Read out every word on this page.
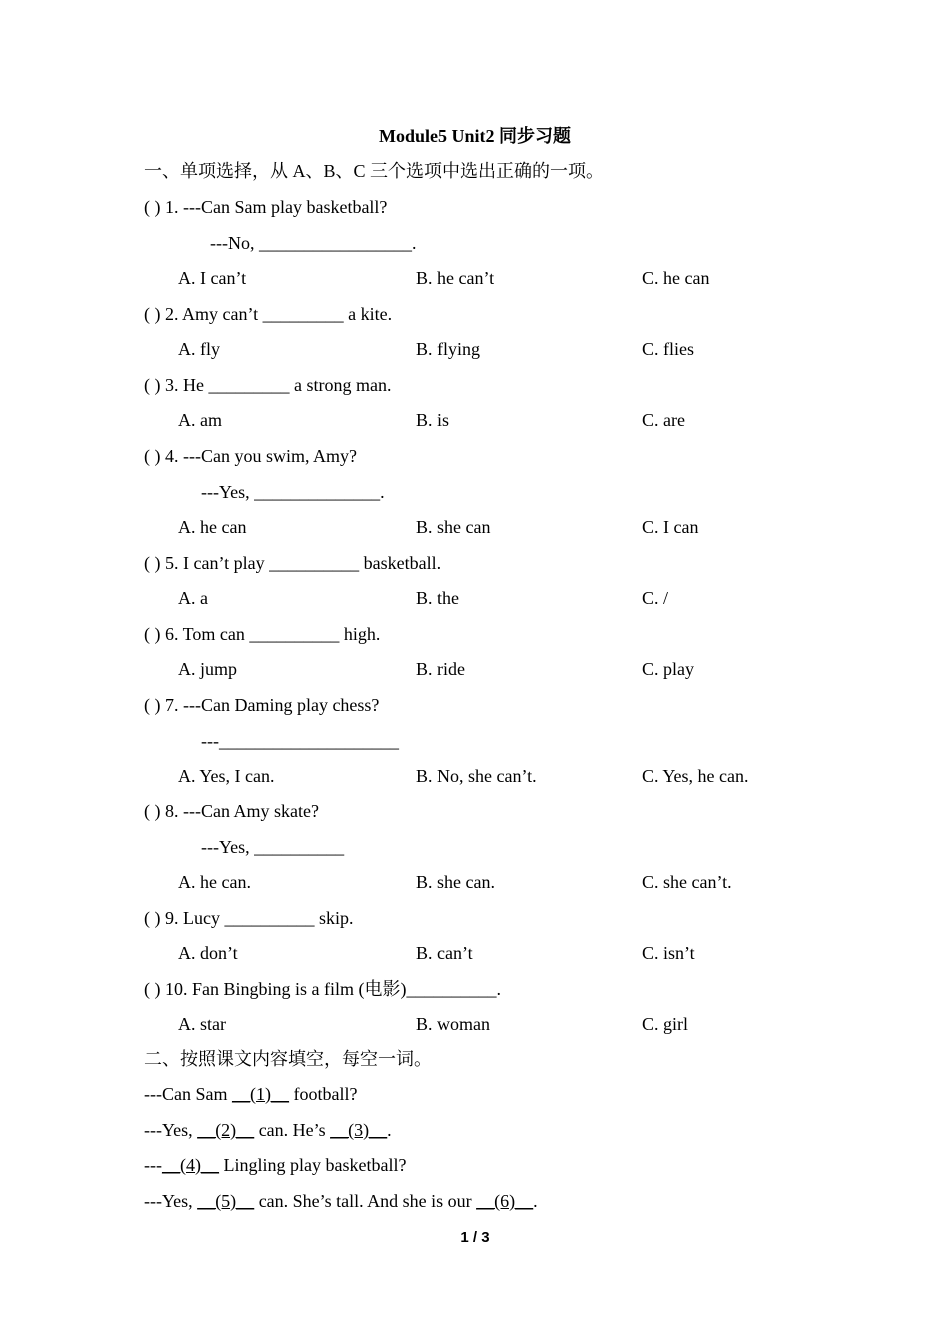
Module5 Unit2 同步习题
一、单项选择，从 A、B、C 三个选项中选出正确的一项。
( ) 1. ---Can Sam play basketball?
---No, _________________.
A. I can’t	B. he can’t	C. he can
( ) 2. Amy can’t _________ a kite.
A. fly	B. flying	C. flies
( ) 3. He _________ a strong man.
A. am	B. is	C. are
( ) 4. ---Can you swim, Amy?
---Yes, ______________.
A. he can	B. she can	C. I can
( ) 5. I can’t play __________ basketball.
A. a	B. the	C. /
( ) 6. Tom can __________ high.
A. jump	B. ride	C. play
( ) 7. ---Can Daming play chess?
---____________________
A. Yes, I can.	B. No, she can’t.	C. Yes, he can.
( ) 8. ---Can Amy skate?
---Yes, __________
A. he can.	B. she can.	C. she can’t.
( ) 9. Lucy __________ skip.
A. don’t	B. can’t	C. isn’t
( ) 10. Fan Bingbing is a film (电影)__________.
A. star	B. woman	C. girl
二、按照课文内容填空，每空一词。
---Can Sam __(1)__ football?
---Yes, __(2)__ can. He’s __(3)__.
---__(4)__ Lingling play basketball?
---Yes, __(5)__ can. She’s tall. And she is our __(6)__.
1 / 3
